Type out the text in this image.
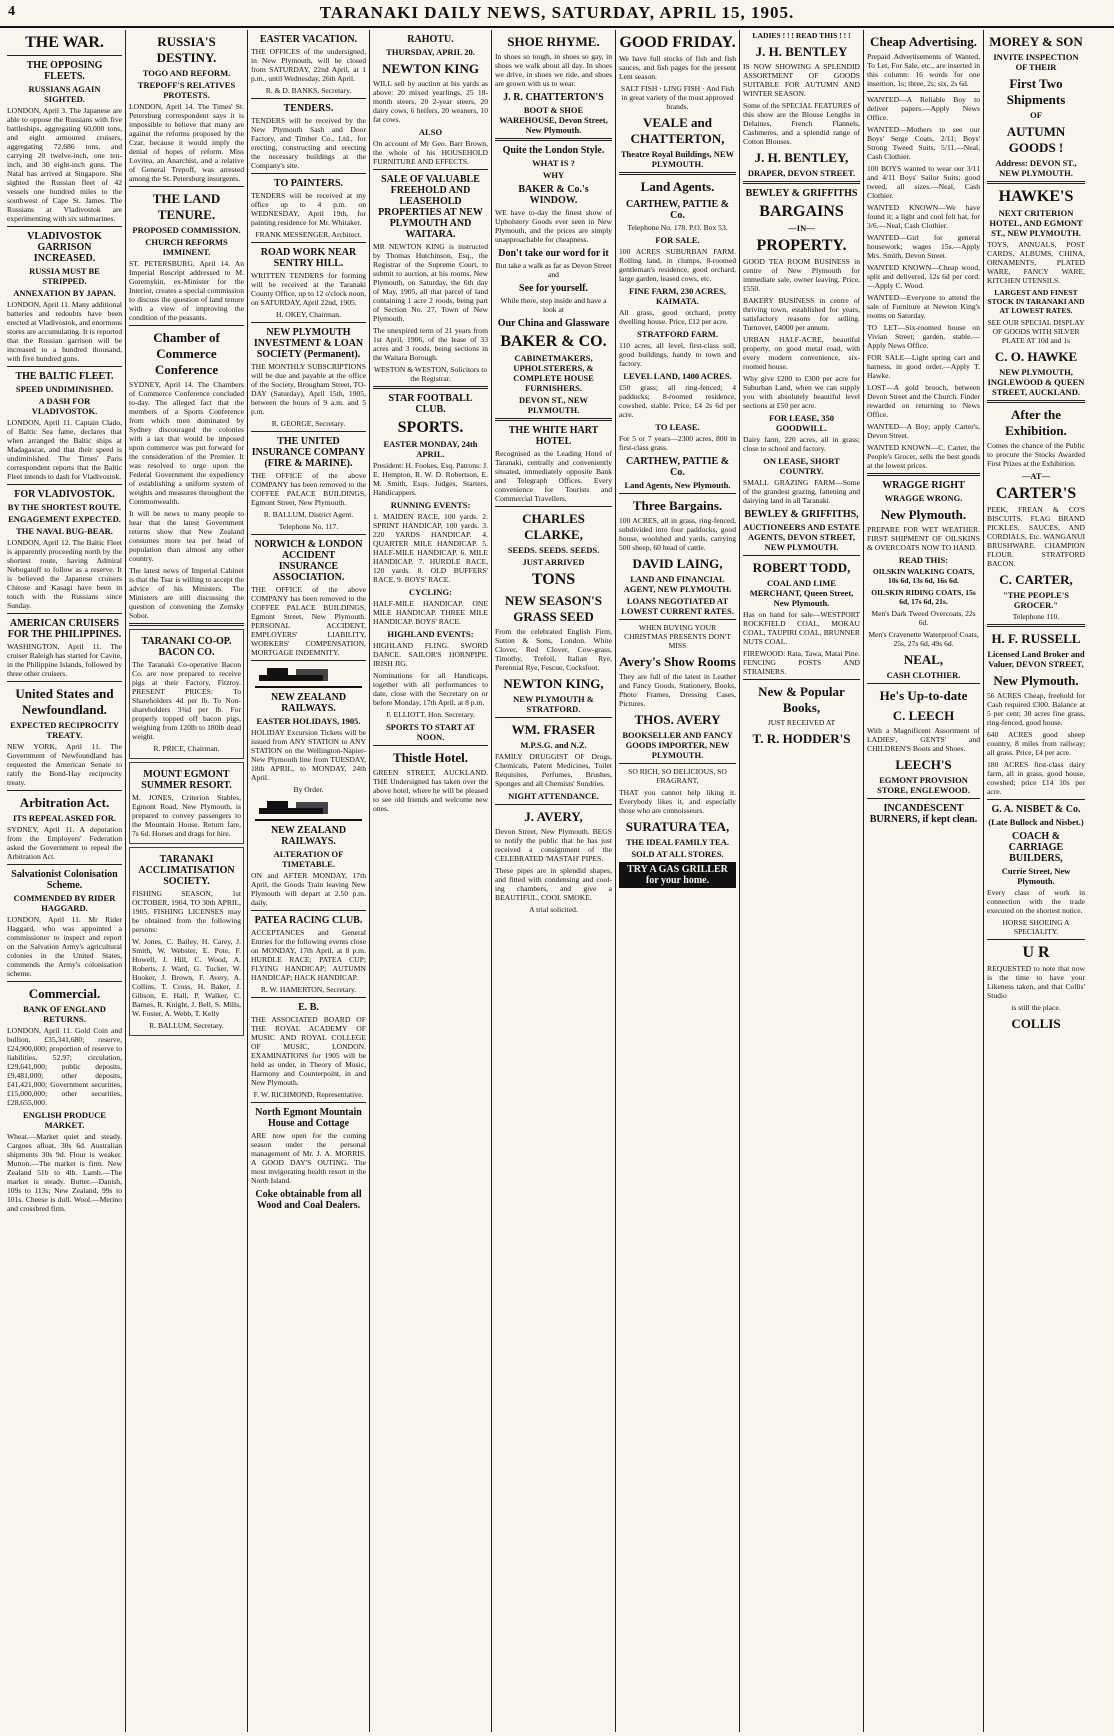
4	TARANAKI DAILY NEWS, SATURDAY, APRIL 15, 1905.
THE WAR.
THE OPPOSING FLEETS.
RUSSIANS AGAIN SIGHTED.
LONDON, April 3. The Japanese are able to oppose the Russians with five battleships, aggregating 60,000 tons, and eight armoured cruisers, aggregating 72,686 tons, and carrying 20 twelve-inch, one ten-inch, and 30 eight-inch guns. The Natal has arrived at Singapore. She sighted the Russian fleet of 42 vessels one hundred miles to the southwest of Cape St. James. The Russians at Vladivostok are experimenting with six submarines.
VLADIVOSTOK GARRISON INCREASED.
RUSSIA MUST BE STRIPPED.
ANNEXATION BY JAPAN.
LONDON, April 11. Many additional batteries and redoubts have been erected at Vladivostok, and enormous stores are accumulating. It is reported that the Russian garrison will be increased to a hundred thousand, with five hundred guns.
THE BALTIC FLEET.
SPEED UNDIMINISHED.
A DASH FOR VLADIVOSTOK.
LONDON, April 11. Captain Clado, of Baltic Sea fame, declares that when arranged the Baltic ships at Madagascar, and that their speed is undiminished. The Times' Paris correspondent reports that the Baltic Fleet intends to dash for Vladivostok.
FOR VLADIVOSTOK.
BY THE SHORTEST ROUTE.
ENGAGEMENT EXPECTED.
THE NAVAL BUG-BEAR.
LONDON, April 12. The Baltic Fleet is apparently proceeding north by the shortest route, having Admiral Nebogatoff to follow as a reserve. It is believed the Japanese cruisers Chitose and Kasagi have been in touch with the Russians since Sunday.
AMERICAN CRUISERS FOR THE PHILIPPINES.
WASHINGTON, April 11. The cruiser Raleigh has started for Cavite, in the Philippine Islands, followed by three other cruisers.
United States and Newfoundland.
EXPECTED RECIPROCITY TREATY.
NEW YORK, April 11. The Government of Newfoundland has requested the American Senate to ratify the Bond-Hay reciprocity treaty.
Arbitration Act.
ITS REPEAL ASKED FOR.
SYDNEY, April 11. A deputation from the Employers' Federation asked the Government to repeal the Arbitration Act.
Salvationist Colonisation Scheme.
COMMENDED BY RIDER HAGGARD.
LONDON, April 11. Mr Rider Haggard, who was appointed a commissioner to inspect and report on the Salvation Army's agricultural colonies in the United States, commends the Army's colonisation scheme.
Commercial.
BANK OF ENGLAND RETURNS.
LONDON, April 11. Gold Coin and bullion, £35,341,680; reserve, £24,900,000; proportion of reserve to liabilities, 52.97; circulation, £29,641,000; public deposits, £9,481,000; other deposits, £41,421,000; Government securities, £15,000,000; other securities, £28,655,000.
ENGLISH PRODUCE MARKET.
Wheat.—Market quiet and steady. Cargoes afloat, 30s 6d. Australian shipments 30s 9d. Flour is weaker. Mutton.—The market is firm. New Zealand 51b to 4lb. Lamb.—The market is steady. Butter.—Danish, 109s to 113s; New Zealand, 99s to 101s. Cheese is dull. Wool.—Merino and crossbred firm.
RUSSIA'S DESTINY.
TOGO AND REFORM.
TREPOFF'S RELATIVES PROTESTS.
LONDON, April 14. The Times' St. Petersburg correspondent says it is impossible to believe that many are against the reforms proposed by the Czar, because it would imply the denial of hopes of reform. Miss Lovitea, an Anarchist, and a relative of General Trepoff, was arrested among the St. Petersburg insurgents.
THE LAND TENURE.
PROPOSED COMMISSION.
CHURCH REFORMS IMMINENT.
ST. PETERSBURG, April 14. An Imperial Rescript addressed to M. Goremykin, ex-Minister for the Interior, creates a special commission to discuss the question of land tenure with a view of improving the condition of the peasants.
Chamber of Commerce Conference
SYDNEY, April 14. The Chambers of Commerce Conference concluded to-day. The alleged fact that the members of a Sports Conference from which men dominated by Sydney discouraged the colonies with a tax that would be imposed upon commerce was put forward for the consideration of the Premier. It was resolved to urge upon the Federal Government the expediency of establishing a uniform system of weights and measures throughout the Commonwealth.
It will be news to many people to hear that the latest Government returns show that New Zealand consumes more tea per head of population than almost any other country.
The latest news of Imperial Cabinet is that the Tsar is willing to accept the advice of his Ministers. The Ministers are still discussing the question of convening the Zemsky Sobor.
TARANAKI CO-OP. BACON CO.
The Taranaki Co-operative Bacon Co. are now prepared to receive pigs at their Factory, Fitzroy. PRESENT PRICES: To Shareholders 4d per lb. To Non-shareholders 3¾d per lb. For properly topped off bacon pigs, weighing from 120lb to 180lb dead weight.
R. PRICE, Chairman.
MOUNT EGMONT SUMMER RESORT.
M. JONES, Criterion Stables, Egmont Road, New Plymouth, is prepared to convey passengers to the Mountain House. Return fare, 7s 6d. Horses and drags for hire.
TARANAKI ACCLIMATISATION SOCIETY.
FISHING SEASON, 1st OCTOBER, 1904, TO 30th APRIL, 1905. FISHING LICENSES may be obtained from the following persons:
W. Jones, C. Bailey, H. Carey, J. Smith, W. Webster, E. Pote, F. Howell, J. Hill, C. Wood, A. Roberts, J. Ward, G. Tucker, W. Hooker, J. Brown, F. Avery, A. Collins, T. Cross, H. Baker, J. Gibson, E. Hall, P. Walker, C. Barnes, R. Knight, J. Bell, S. Mills, W. Foster, A. Webb, T. Kelly
R. BALLUM, Secretary.
EASTER VACATION.
THE OFFICES of the undersigned, in New Plymouth, will be closed from SATURDAY, 22nd April, at 1 p.m., until Wednesday, 26th April.
R. & D. BANKS, Secretary.
TENDERS.
TENDERS will be received by the New Plymouth Sash and Door Factory, and Timber Co., Ltd., for erecting, constructing and erecting the necessary buildings at the Company's site.
TO PAINTERS.
TENDERS will be received at my office up to 4 p.m. on WEDNESDAY, April 19th, for painting residence for Mr. Whitaker.
FRANK MESSENGER, Architect.
ROAD WORK NEAR SENTRY HILL.
WRITTEN TENDERS for forming will be received at the Taranaki County Office, up to 12 o'clock noon, on SATURDAY, April 22nd, 1905.
H. OKEY, Chairman.
NEW PLYMOUTH INVESTMENT & LOAN SOCIETY (Permanent).
THE MONTHLY SUBSCRIPTIONS will be due and payable at the office of the Society, Brougham Street, TO-DAY (Saturday), April 15th, 1905, between the hours of 9 a.m. and 5 p.m.
R. GEORGE, Secretary.
THE UNITED INSURANCE COMPANY (FIRE & MARINE).
THE OFFICE of the above COMPANY has been removed to the COFFEE PALACE BUILDINGS, Egmont Street, New Plymouth.
R. BALLUM, District Agent.
Telephone No. 117.
NORWICH & LONDON ACCIDENT INSURANCE ASSOCIATION.
THE OFFICE of the above COMPANY has been removed to the COFFEE PALACE BUILDINGS, Egmont Street, New Plymouth. PERSONAL ACCIDENT, EMPLOYERS' LIABILITY, WORKERS' COMPENSATION, MORTGAGE INDEMNITY.
NEW ZEALAND RAILWAYS.
EASTER HOLIDAYS, 1905.
HOLIDAY Excursion Tickets will be issued from ANY STATION to ANY STATION on the Wellington-Napier-New Plymouth line from TUESDAY, 18th APRIL, to MONDAY, 24th April.
By Order.
NEW ZEALAND RAILWAYS.
ALTERATION OF TIMETABLE.
ON and AFTER MONDAY, 17th April, the Goods Train leaving New Plymouth will depart at 2.50 p.m. daily.
PATEA RACING CLUB.
ACCEPTANCES and General Entries for the following events close on MONDAY, 17th April, at 8 p.m. HURDLE RACE; PATEA CUP; FLYING HANDICAP; AUTUMN HANDICAP; HACK HANDICAP.
R. W. HAMERTON, Secretary.
E. B.
THE ASSOCIATED BOARD OF THE ROYAL ACADEMY OF MUSIC AND ROYAL COLLEGE OF MUSIC, LONDON. EXAMINATIONS for 1905 will be held as under, in Theory of Music, Harmony and Counterpoint, in and New Plymouth.
F. W. RICHMOND, Representative.
North Egmont Mountain House and Cottage
ARE now open for the coming season under the personal management of Mr. J. A. MORRIS. A GOOD DAY'S OUTING. The most invigorating health resort in the North Island.
Coke obtainable from all Wood and Coal Dealers.
RAHOTU.
THURSDAY, APRIL 20.
NEWTON KING
WILL sell by auction at his yards as above: 20 mixed yearlings, 25 18-month steers, 20 2-year steers, 20 dairy cows, 6 heifers, 20 weaners, 10 fat cows.
ALSO
On account of Mr Geo. Barr Brown, the whole of his HOUSEHOLD FURNITURE AND EFFECTS.
SALE OF VALUABLE FREEHOLD AND LEASEHOLD PROPERTIES AT NEW PLYMOUTH AND WAITARA.
MR NEWTON KING is instructed by Thomas Hutchinson, Esq., the Registrar of the Supreme Court, to submit to auction, at his rooms, New Plymouth, on Saturday, the 6th day of May, 1905, all that parcel of land containing 1 acre 2 roods, being part of Section No. 27, Town of New Plymouth.
The unexpired term of 21 years from 1st April, 1906, of the lease of 33 acres and 3 roods, being sections in the Waitara Borough.
WESTON & WESTON, Solicitors to the Registrar.
STAR FOOTBALL CLUB.
SPORTS.
EASTER MONDAY, 24th APRIL.
President: H. Fookes, Esq. Patrons: J. E. Hempton, R. W. D. Robertson, E. M. Smith, Esqs. Judges, Starters, Handicappers.
RUNNING EVENTS:
1. MAIDEN RACE, 100 yards. 2. SPRINT HANDICAP, 100 yards. 3. 220 YARDS HANDICAP. 4. QUARTER MILE HANDICAP. 5. HALF-MILE HANDICAP. 6. MILE HANDICAP. 7. HURDLE RACE, 120 yards. 8. OLD BUFFERS' RACE. 9. BOYS' RACE.
CYCLING:
HALF-MILE HANDICAP. ONE MILE HANDICAP. THREE MILE HANDICAP. BOYS' RACE.
HIGHLAND EVENTS:
HIGHLAND FLING. SWORD DANCE. SAILOR'S HORNPIPE. IRISH JIG.
Nominations for all Handicaps, together with all performances to date, close with the Secretary on or before Monday, 17th April, at 8 p.m.
F. ELLIOTT, Hon. Secretary.
SPORTS TO START AT NOON.
Thistle Hotel.
GREEN STREET, AUCKLAND. THE Undersigned has taken over the above hotel, where he will be pleased to see old friends and welcome new ones.
SHOE RHYME.
In shoes so tough, in shoes so gay, in shoes we walk about all day. In shoes we drive, in shoes we ride, and shoes are grown with us to wear.
J. R. CHATTERTON'S
BOOT & SHOE WAREHOUSE, Devon Street, New Plymouth.
Quite the London Style.
WHAT IS ?
WHY
BAKER & Co.'s WINDOW.
WE have to-day the finest show of Upholstery Goods ever seen in New Plymouth, and the prices are simply unapproachable for cheapness.
Don't take our word for it
But take a walk as far as Devon Street and
See for yourself.
While there, step inside and have a look at
Our China and Glassware
BAKER & CO.
CABINETMAKERS, UPHOLSTERERS, & COMPLETE HOUSE FURNISHERS.
DEVON ST., NEW PLYMOUTH.
THE WHITE HART HOTEL
Recognised as the Leading Hotel of Taranaki, centrally and conveniently situated, immediately opposite Bank and Telegraph Offices. Every convenience for Tourists and Commercial Travellers.
CHARLES CLARKE,
SEEDS. SEEDS. SEEDS.
JUST ARRIVED
TONS
NEW SEASON'S GRASS SEED
From the celebrated English Firm, Sutton & Sons, London. White Clover, Red Clover, Cow-grass, Timothy, Trefoil, Italian Rye, Perennial Rye, Fescue, Cocksfoot.
NEWTON KING,
NEW PLYMOUTH & STRATFORD.
WM. FRASER
M.P.S.G. and N.Z.
FAMILY DRUGGIST OF Drugs, Chemicals, Patent Medicines, Toilet Requisites, Perfumes, Brushes, Sponges and all Chemists' Sundries.
NIGHT ATTENDANCE.
J. AVERY,
Devon Street, New Plymouth. BEGS to notify the public that he has just received a consignment of the CELEBRATED 'MASTAH' PIPES.
These pipes are in splendid shapes, and fitted with condensing and cool-ing chambers, and give a BEAUTIFUL, COOL SMOKE.
A trial solicited.
GOOD FRIDAY.
We have full stocks of fish and fish sauces, and fish pages for the present Lent season.
SALT FISH · LING FISH · And Fish in great variety of the most approved brands.
VEALE and CHATTERTON,
Theatre Royal Buildings, NEW PLYMOUTH.
Land Agents.
CARTHEW, PATTIE & Co.
Telephone No. 178. P.O. Box 53.
FOR SALE.
100 ACRES SUBURBAN FARM. Rolling land, in clumps, 8-roomed gentleman's residence, good orchard, large garden, leased cows, etc.
FINE FARM, 230 ACRES, KAIMATA.
All grass, good orchard, pretty dwelling house. Price, £12 per acre.
STRATFORD FARM.
110 acres, all level, first-class soil, good buildings, handy to town and factory.
LEVEL LAND, 1400 ACRES.
£50 grass; all ring-fenced; 4 paddocks; 8-roomed residence, cowshed, stable. Price, £4 2s 6d per acre.
TO LEASE.
For 5 or 7 years—2300 acres, 800 in first-class grass.
CARTHEW, PATTIE & Co.
Land Agents, New Plymouth.
Three Bargains.
100 ACRES, all in grass, ring-fenced, subdivided into four paddocks, good house, woolshed and yards, carrying 500 sheep, 60 head of cattle.
DAVID LAING,
LAND AND FINANCIAL AGENT, NEW PLYMOUTH.
LOANS NEGOTIATED AT LOWEST CURRENT RATES.
WHEN BUYING YOUR CHRISTMAS PRESENTS DON'T MISS
Avery's Show Rooms
They are full of the latest in Leather and Fancy Goods, Stationery, Books, Photo Frames, Dressing Cases, Pictures.
THOS. AVERY
BOOKSELLER AND FANCY GOODS IMPORTER, NEW PLYMOUTH.
SO RICH, SO DELICIOUS, SO FRAGRANT,
THAT you cannot help liking it. Everybody likes it, and especially those who are connoisseurs.
SURATURA TEA,
THE IDEAL FAMILY TEA.
SOLD AT ALL STORES.
TRY A GAS GRILLER for your home.
LADIES ! ! ! READ THIS ! ! !
J. H. BENTLEY
IS NOW SHOWING A SPLENDID ASSORTMENT OF GOODS SUITABLE FOR AUTUMN AND WINTER SEASON.
Some of the SPECIAL FEATURES of this show are the Blouse Lengths in Delaines, French Flannels, Cashmeres, and a splendid range of Cotton Blouses.
J. H. BENTLEY,
DRAPER, DEVON STREET.
BEWLEY & GRIFFITHS
BARGAINS
—IN—
PROPERTY.
GOOD TEA ROOM BUSINESS in centre of New Plymouth for immediate sale, owner leaving. Price, £550.
BAKERY BUSINESS in centre of thriving town, established for years, satisfactory reasons for selling. Turnover, £4000 per annum.
URBAN HALF-ACRE, beautiful property, on good metal road, with every modern convenience, six-roomed house.
Why give £200 to £300 per acre for Suburban Land, when we can supply you with absolutely beautiful level sections at £50 per acre.
FOR LEASE, 350 GOODWILL.
Dairy farm, 220 acres, all in grass; close to school and factory.
ON LEASE, SHORT COUNTRY.
SMALL GRAZING FARM—Some of the grandest grazing, fattening and dairying land in all Taranaki.
BEWLEY & GRIFFITHS,
AUCTIONEERS AND ESTATE AGENTS, DEVON STREET, NEW PLYMOUTH.
ROBERT TODD,
COAL AND LIME MERCHANT, Queen Street, New Plymouth.
Has on hand for sale—WESTPORT ROCKFIELD COAL, MOKAU COAL, TAUPIRI COAL, BRUNNER NUTS COAL.
FIREWOOD: Rata, Tawa, Matai Pine. FENCING POSTS AND STRAINERS.
New & Popular Books,
JUST RECEIVED AT
T. R. HODDER'S
Cheap Advertising.
Prepaid Advertisements of Wanted, To Let, For Sale, etc., are inserted in this column: 16 words for one insertion, 1s; three, 2s; six, 2s 6d.
WANTED—A Reliable Boy to deliver papers.—Apply News Office.
WANTED—Mothers to see our Boys' Serge Coats, 2/11; Boys' Strong Tweed Suits, 5/11.—Neal, Cash Clothier.
100 BOYS wanted to wear our 3/11 and 4/11 Boys' Sailor Suits; good tweed, all sizes.—Neal, Cash Clothier.
WANTED KNOWN—We have found it; a light and cool felt hat, for 3/6.—Neal, Cash Clothier.
WANTED—Girl for general housework; wages 15s.—Apply Mrs. Smith, Devon Street.
WANTED KNOWN—Cheap wood, split and delivered, 12s 6d per cord.—Apply C. Wood.
WANTED—Everyone to attend the sale of Furniture at Newton King's rooms on Saturday.
TO LET—Six-roomed house on Vivian Street; garden, stable.—Apply News Office.
FOR SALE—Light spring cart and harness, in good order.—Apply T. Hawke.
LOST—A gold brooch, between Devon Street and the Church. Finder rewarded on returning to News Office.
WANTED—A Boy; apply Carter's, Devon Street.
WANTED KNOWN—C. Carter, the People's Grocer, sells the best goods at the lowest prices.
WRAGGE RIGHT
WRAGGE WRONG.
New Plymouth.
PREPARE FOR WET WEATHER. FIRST SHIPMENT OF OILSKINS & OVERCOATS NOW TO HAND.
READ THIS:
OILSKIN WALKING COATS, 10s 6d, 13s 6d, 16s 6d.
OILSKIN RIDING COATS, 15s 6d, 17s 6d, 21s.
Men's Dark Tweed Overcoats, 22s 6d.
Men's Cravenette Waterproof Coats, 25s, 27s 6d, 49s 6d.
NEAL,
CASH CLOTHIER.
He's Up-to-date
C. LEECH
With a Magnificent Assortment of LADIES', GENTS' and CHILDREN'S Boots and Shoes.
LEECH'S
EGMONT PROVISION STORE, ENGLEWOOD.
INCANDESCENT BURNERS, if kept clean.
MOREY & SON
INVITE INSPECTION OF THEIR
First Two Shipments
OF
AUTUMN GOODS !
Address: DEVON ST., NEW PLYMOUTH.
HAWKE'S
NEXT CRITERION HOTEL, AND EGMONT ST., NEW PLYMOUTH.
TOYS, ANNUALS, POST CARDS, ALBUMS, CHINA, ORNAMENTS, PLATED WARE, FANCY WARE, KITCHEN UTENSILS.
LARGEST AND FINEST STOCK IN TARANAKI AND AT LOWEST RATES.
SEE OUR SPECIAL DISPLAY OF GOODS WITH SILVER PLATE AT 10d and 1s
C. O. HAWKE
NEW PLYMOUTH, INGLEWOOD & QUEEN STREET, AUCKLAND.
After the Exhibition.
Comes the chance of the Public to procure the Stocks Awarded First Prizes at the Exhibition.
—AT—
CARTER'S
PEEK, FREAN & CO'S BISCUITS. FLAG BRAND PICKLES, SAUCES, AND CORDIALS, Etc. WANGANUI BRUSHWARE. CHAMPION FLOUR. STRATFORD BACON.
C. CARTER,
"THE PEOPLE'S GROCER."
Telephone 110.
H. F. RUSSELL
Licensed Land Broker and Valuer, DEVON STREET,
New Plymouth.
56 ACRES Cheap, freehold for Cash required £300. Balance at 5 per cent; 30 acres fine grass, ring-fenced, good house.
640 ACRES good sheep country, 8 miles from railway; all grass. Price, £4 per acre.
180 ACRES first-class dairy farm, all in grass, good house, cowshed; price £14 10s per acre.
G. A. NISBET & Co.
(Late Bullock and Nisbet.)
COACH & CARRIAGE BUILDERS,
Currie Street, New Plymouth.
Every class of work in connection with the trade executed on the shortest notice.
HORSE SHOEING A SPECIALITY.
U R
REQUESTED to note that now is the time to have your Likeness taken, and that Collis' Studio
is still the place.
COLLIS
